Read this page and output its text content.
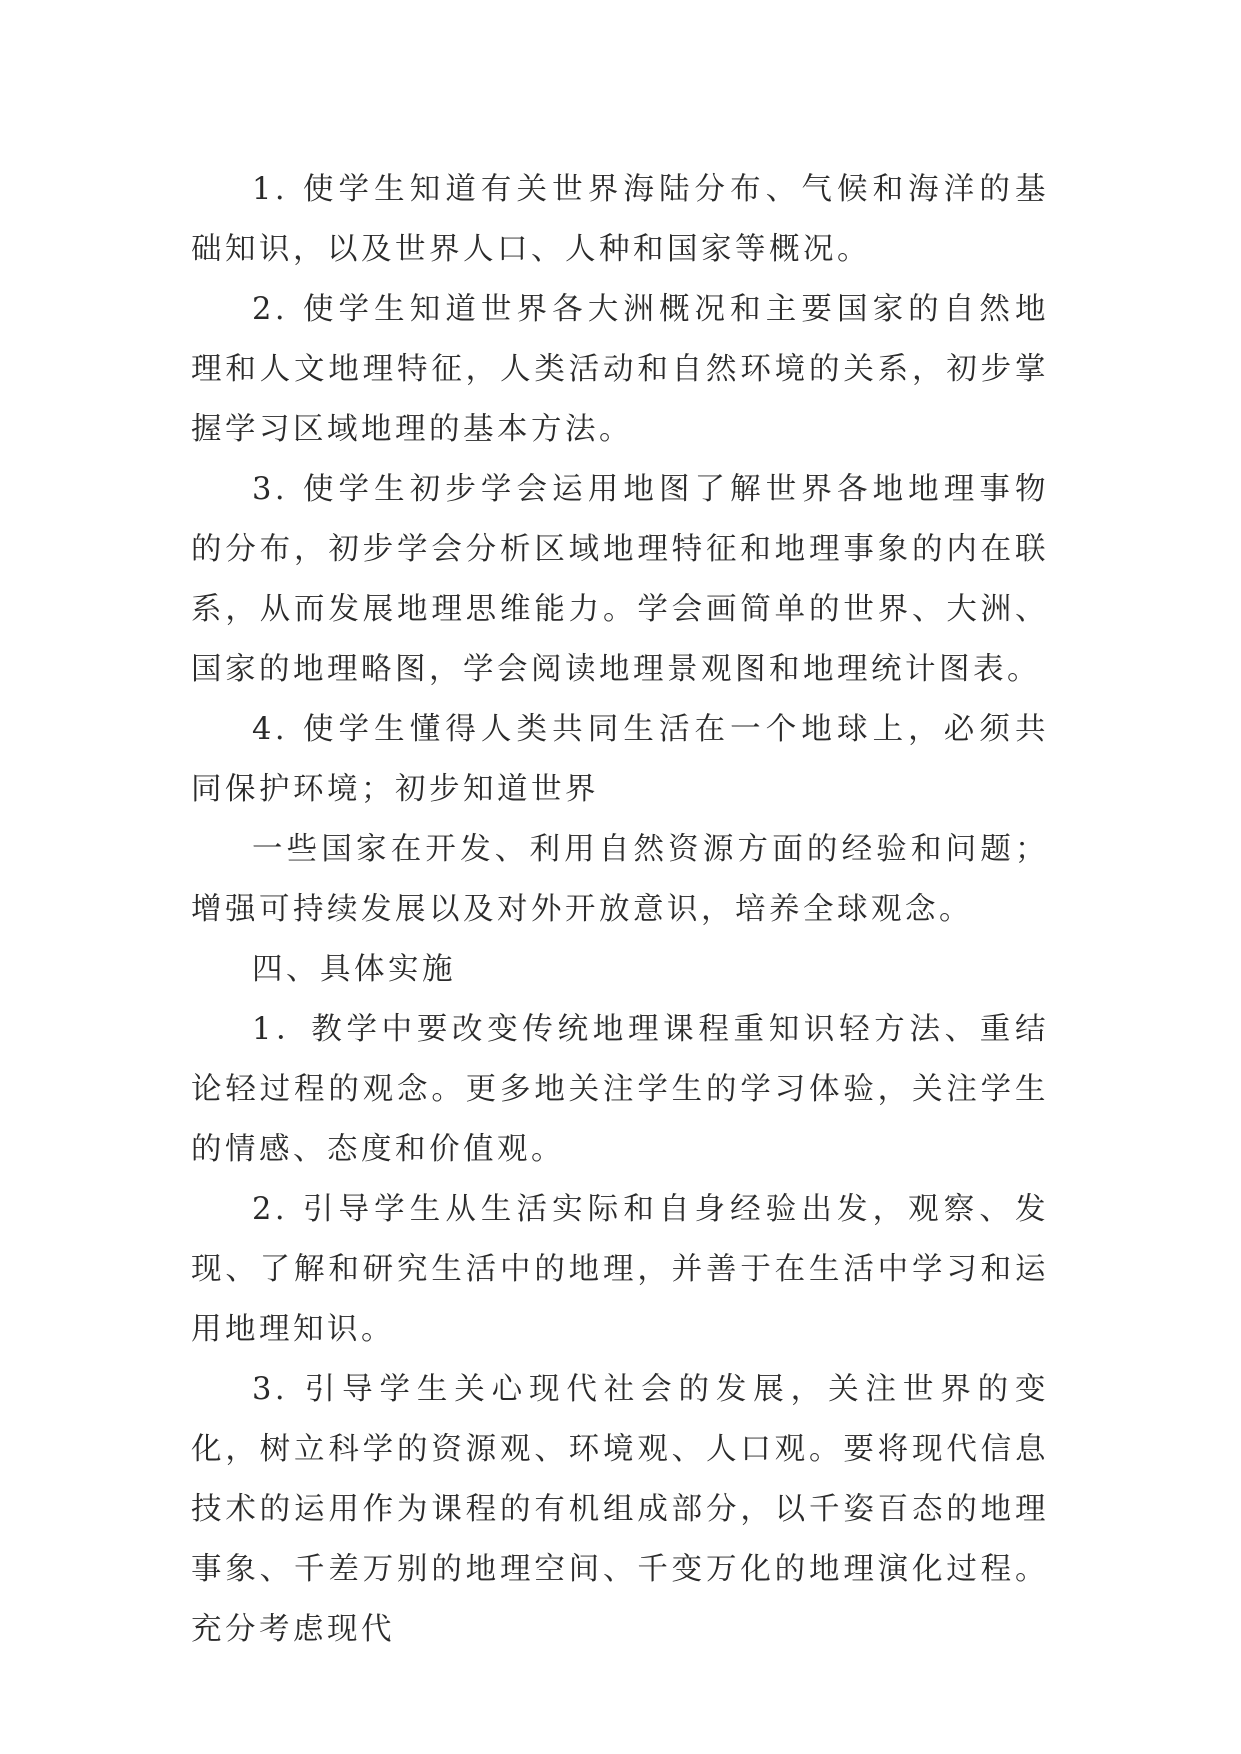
1. 使学生知道有关世界海陆分布、气候和海洋的基础知识，以及世界人口、人种和国家等概况。

2. 使学生知道世界各大洲概况和主要国家的自然地理和人文地理特征，人类活动和自然环境的关系，初步掌握学习区域地理的基本方法。

3. 使学生初步学会运用地图了解世界各地地理事物的分布，初步学会分析区域地理特征和地理事象的内在联系，从而发展地理思维能力。学会画简单的世界、大洲、国家的地理略图，学会阅读地理景观图和地理统计图表。

4. 使学生懂得人类共同生活在一个地球上，必须共同保护环境；初步知道世界

一些国家在开发、利用自然资源方面的经验和问题；增强可持续发展以及对外开放意识，培养全球观念。

四、具体实施

1．教学中要改变传统地理课程重知识轻方法、重结论轻过程的观念。更多地关注学生的学习体验，关注学生的情感、态度和价值观。

2. 引导学生从生活实际和自身经验出发，观察、发现、了解和研究生活中的地理，并善于在生活中学习和运用地理知识。

3. 引导学生关心现代社会的发展，关注世界的变化，树立科学的资源观、环境观、人口观。要将现代信息技术的运用作为课程的有机组成部分，以千姿百态的地理事象、千差万别的地理空间、千变万化的地理演化过程。充分考虑现代
